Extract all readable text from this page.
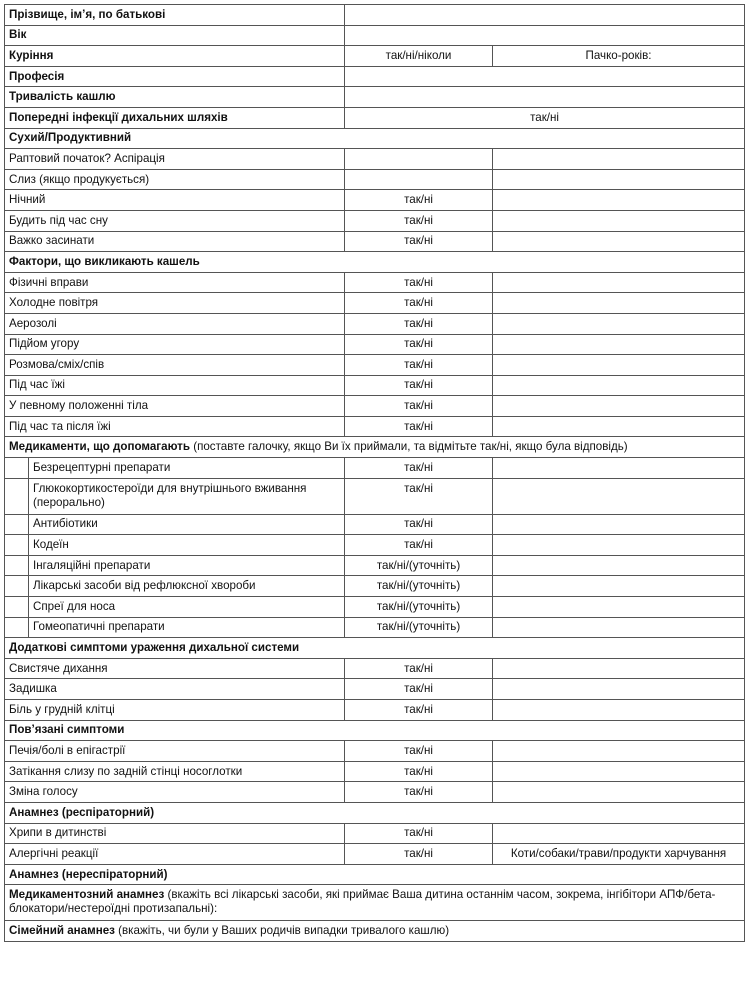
Прізвище, ім’я, по батькові			
Вік			
Куріння		так/ні/ніколи	Пачко-років:
Професія			
Тривалість кашлю			
Попередні інфекції дихальних шляхів		так/ні	
Сухий/Продуктивний			
Раптовий початок? Аспірація			
Слиз (якщо продукується)			
Нічний		так/ні	
Будить під час сну		так/ні	
Важко засинати		так/ні	
Фактори, що викликають кашель			
Фізичні вправи		так/ні	
Холодне повітря		так/ні	
Аерозолі		так/ні	
Підйом угору		так/ні	
Розмова/сміх/спів		так/ні	
Під час їжі		так/ні	
У певному положенні тіла		так/ні	
Під час та після їжі		так/ні	
Медикаменти, що допомагають (поставте галочку, якщо Ви їх приймали, та відмітьте так/ні, якщо була відповідь)			
	Безрецептурні препарати	так/ні	
	Глюкокортикостероїди для внутрішнього вживання (перорально)	так/ні	
	Антибіотики	так/ні	
	Кодеїн	так/ні	
	Інгаляційні препарати	так/ні/(уточніть)	
	Лікарські засоби від рефлюксної хвороби	так/ні/(уточніть)	
	Спреї для носа	так/ні/(уточніть)	
	Гомеопатичні препарати	так/ні/(уточніть)	
Додаткові симптоми ураження дихальної системи			
Свистяче дихання		так/ні	
Задишка		так/ні	
Біль у грудній клітці		так/ні	
Пов’язані симптоми			
Печія/болі в епігастрії		так/ні	
Затікання слизу по задній стінці носоглотки		так/ні	
Зміна голосу		так/ні	
Анамнез (респіраторний)			
Хрипи в дитинстві		так/ні	
Алергічні реакції		так/ні	Коти/собаки/трави/продукти харчування
Анамнез (нереспіраторний)			
Медикаментозний анамнез (вкажіть всі лікарські засоби, які приймає Ваша дитина останнім часом, зокрема, інгібітори АПФ/бета-блокатори/нестероїдні протизапальні):			
Сімейний анамнез (вкажіть, чи були у Ваших родичів випадки тривалого кашлю)			
